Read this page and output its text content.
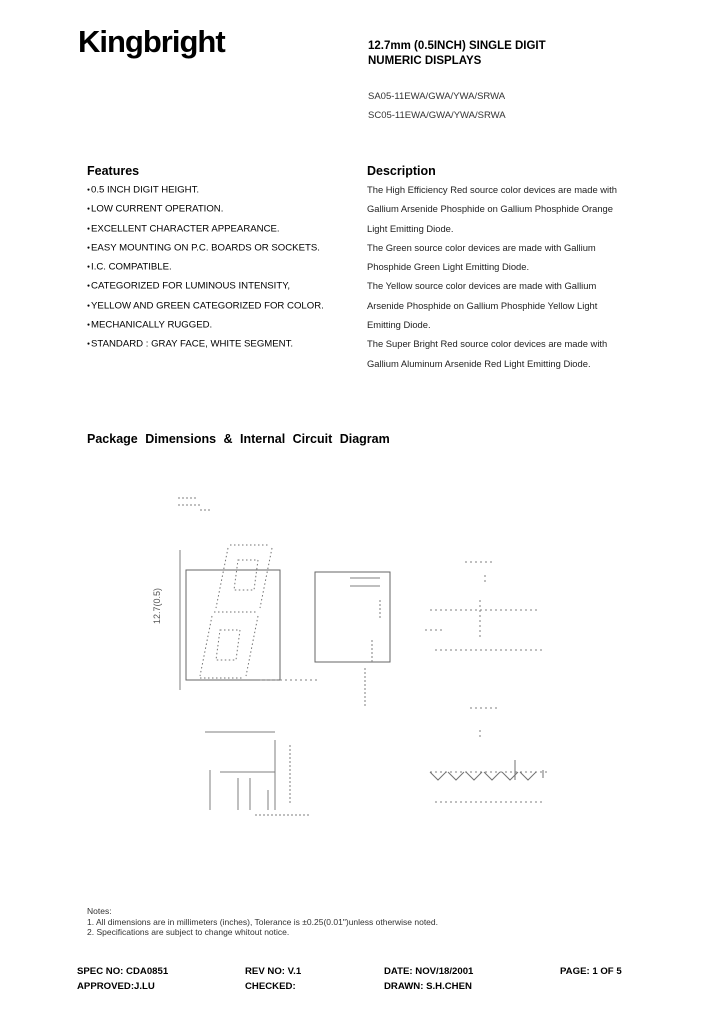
Kingbright	12.7mm (0.5INCH) SINGLE DIGIT
NUMERIC DISPLAYS
SA05-11EWA/GWA/YWA/SRWA
SC05-11EWA/GWA/YWA/SRWA
Features
● 0.5 INCH DIGIT HEIGHT.
● LOW CURRENT OPERATION.
● EXCELLENT CHARACTER APPEARANCE.
● EASY MOUNTING ON P.C. BOARDS OR SOCKETS.
● I.C. COMPATIBLE.
● CATEGORIZED FOR LUMINOUS INTENSITY,
● YELLOW AND GREEN CATEGORIZED FOR COLOR.
● MECHANICALLY RUGGED.
● STANDARD : GRAY FACE, WHITE SEGMENT.
Description
The High Efficiency Red source color devices are made with
Gallium Arsenide Phosphide on Gallium Phosphide Orange
Light Emitting Diode.
The Green source color devices are made with Gallium
Phosphide Green Light Emitting Diode.
The Yellow source color devices are made with Gallium
Arsenide Phosphide on Gallium Phosphide Yellow Light
Emitting Diode.
The Super Bright Red source color devices are made with
Gallium Aluminum Arsenide Red Light Emitting Diode.
Package Dimensions & Internal Circuit Diagram
12.7(0.5)
Notes:
1. All dimensions are in millimeters (inches), Tolerance is ±0.25(0.01")unless otherwise noted.
2. Specifications are subject to change whitout notice.
SPEC NO: CDA0851	REV NO: V.1	DATE: NOV/18/2001	PAGE: 1 OF 5
APPROVED:J.LU	CHECKED:	DRAWN: S.H.CHEN
